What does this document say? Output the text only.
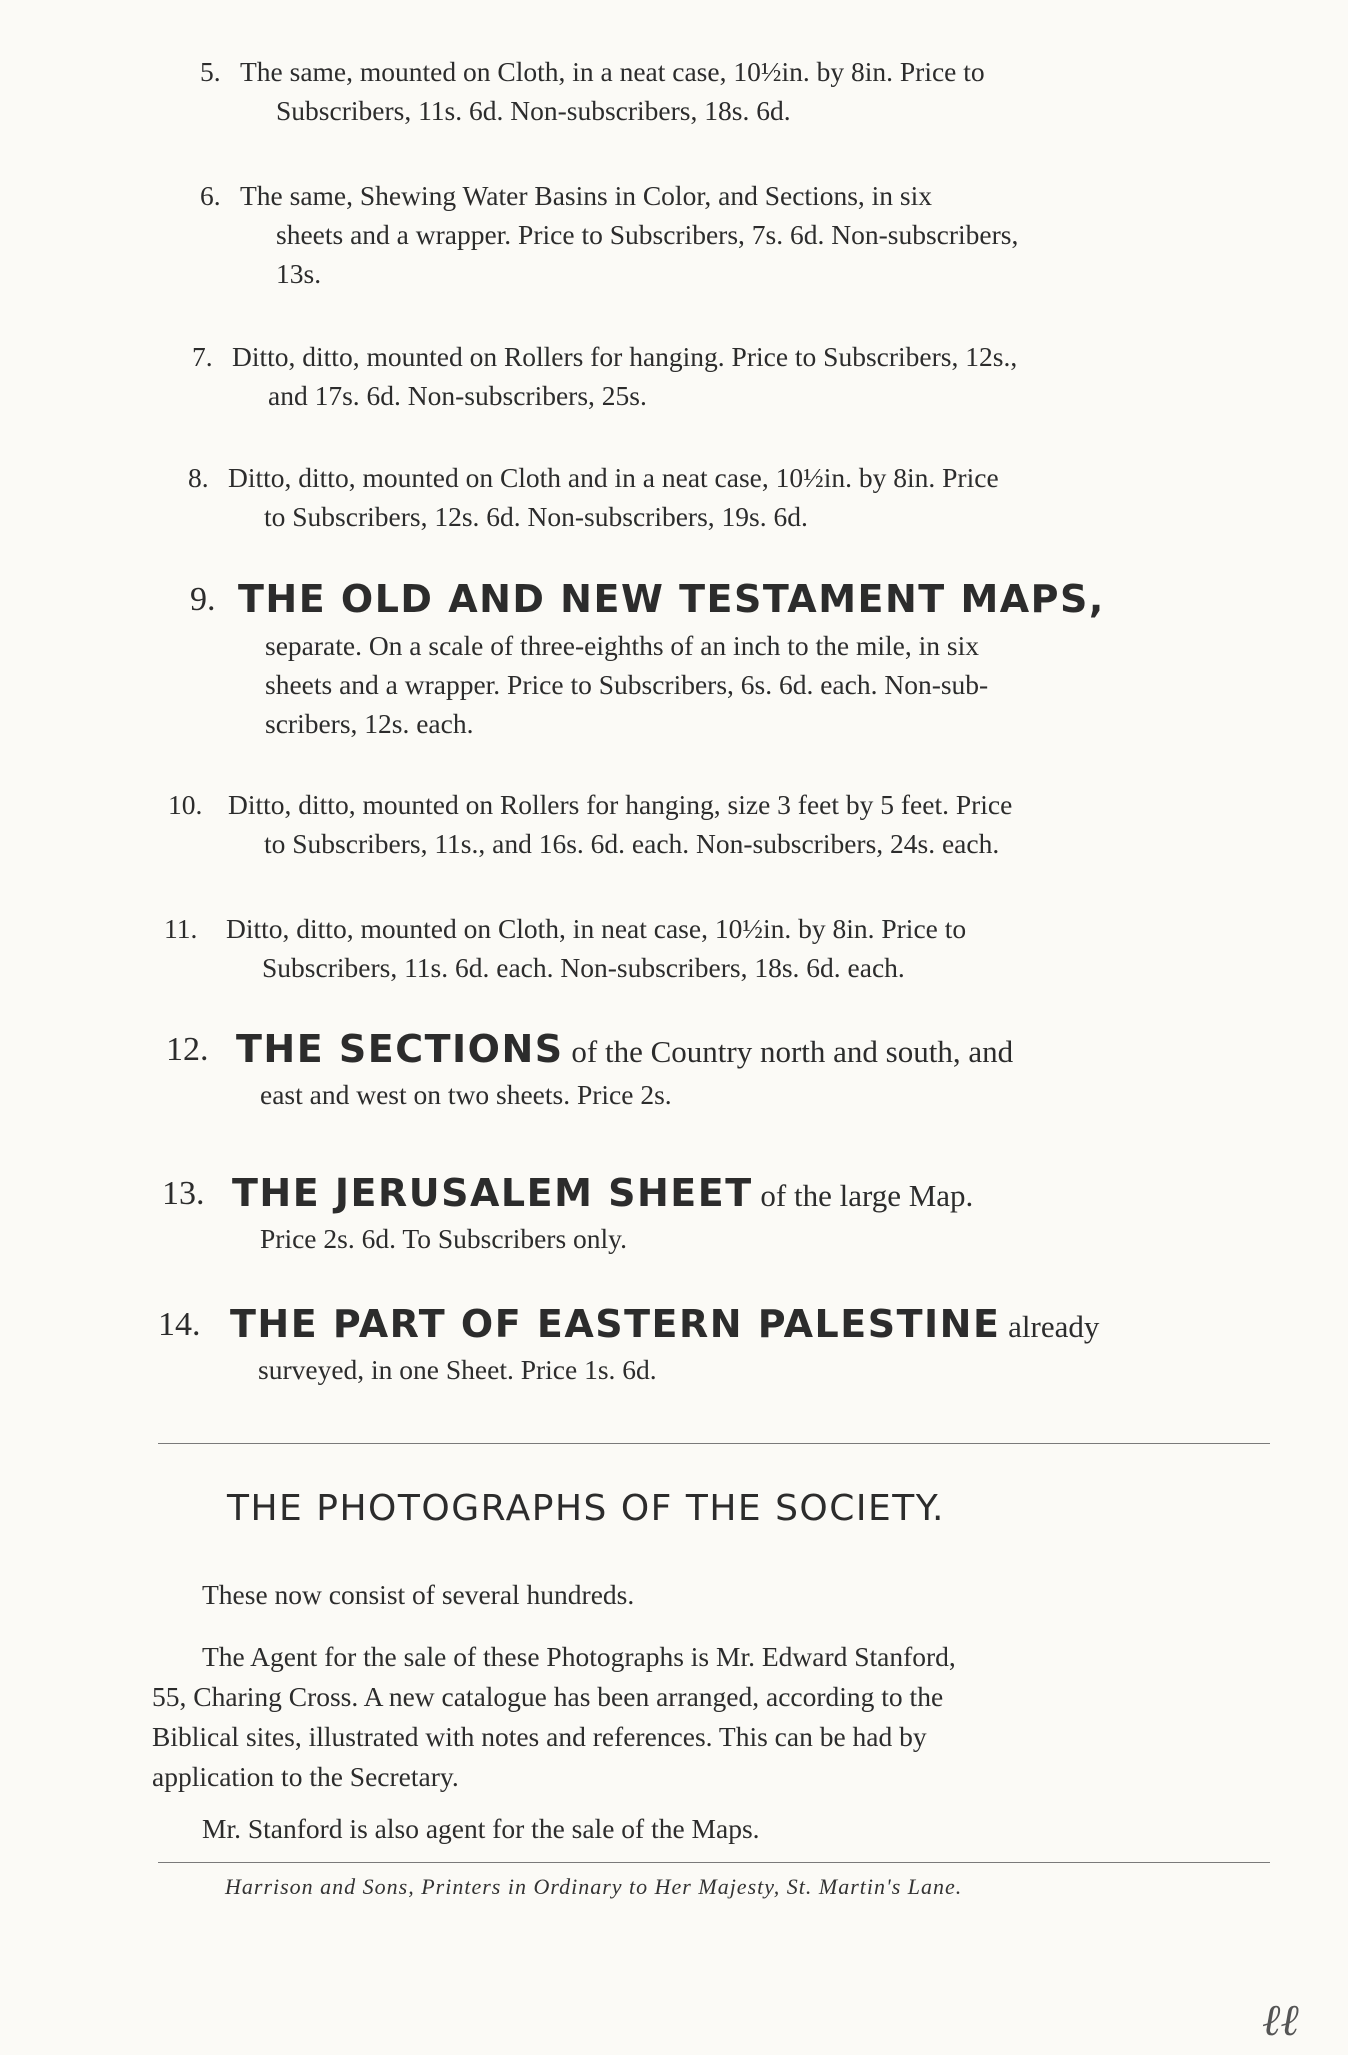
5. The same, mounted on Cloth, in a neat case, 10½in. by 8in. Price to
Subscribers, 11s. 6d. Non-subscribers, 18s. 6d.
6. The same, Shewing Water Basins in Color, and Sections, in six
sheets and a wrapper. Price to Subscribers, 7s. 6d. Non-subscribers,
13s.
7. Ditto, ditto, mounted on Rollers for hanging. Price to Subscribers, 12s.,
and 17s. 6d. Non-subscribers, 25s.
8. Ditto, ditto, mounted on Cloth and in a neat case, 10½in. by 8in. Price
to Subscribers, 12s. 6d. Non-subscribers, 19s. 6d.
9. THE OLD AND NEW TESTAMENT MAPS,
separate. On a scale of three-eighths of an inch to the mile, in six
sheets and a wrapper. Price to Subscribers, 6s. 6d. each. Non-sub-
scribers, 12s. each.
10. Ditto, ditto, mounted on Rollers for hanging, size 3 feet by 5 feet. Price
to Subscribers, 11s., and 16s. 6d. each. Non-subscribers, 24s. each.
11. Ditto, ditto, mounted on Cloth, in neat case, 10½in. by 8in. Price to
Subscribers, 11s. 6d. each. Non-subscribers, 18s. 6d. each.
12. THE SECTIONS of the Country north and south, and
east and west on two sheets. Price 2s.
13. THE JERUSALEM SHEET of the large Map.
Price 2s. 6d. To Subscribers only.
14. THE PART OF EASTERN PALESTINE already
surveyed, in one Sheet. Price 1s. 6d.
THE PHOTOGRAPHS OF THE SOCIETY.
These now consist of several hundreds.
The Agent for the sale of these Photographs is Mr. Edward Stanford,
55, Charing Cross. A new catalogue has been arranged, according to the
Biblical sites, illustrated with notes and references. This can be had by
application to the Secretary.
Mr. Stanford is also agent for the sale of the Maps.
Harrison and Sons, Printers in Ordinary to Her Majesty, St. Martin's Lane.
ℓℓ
